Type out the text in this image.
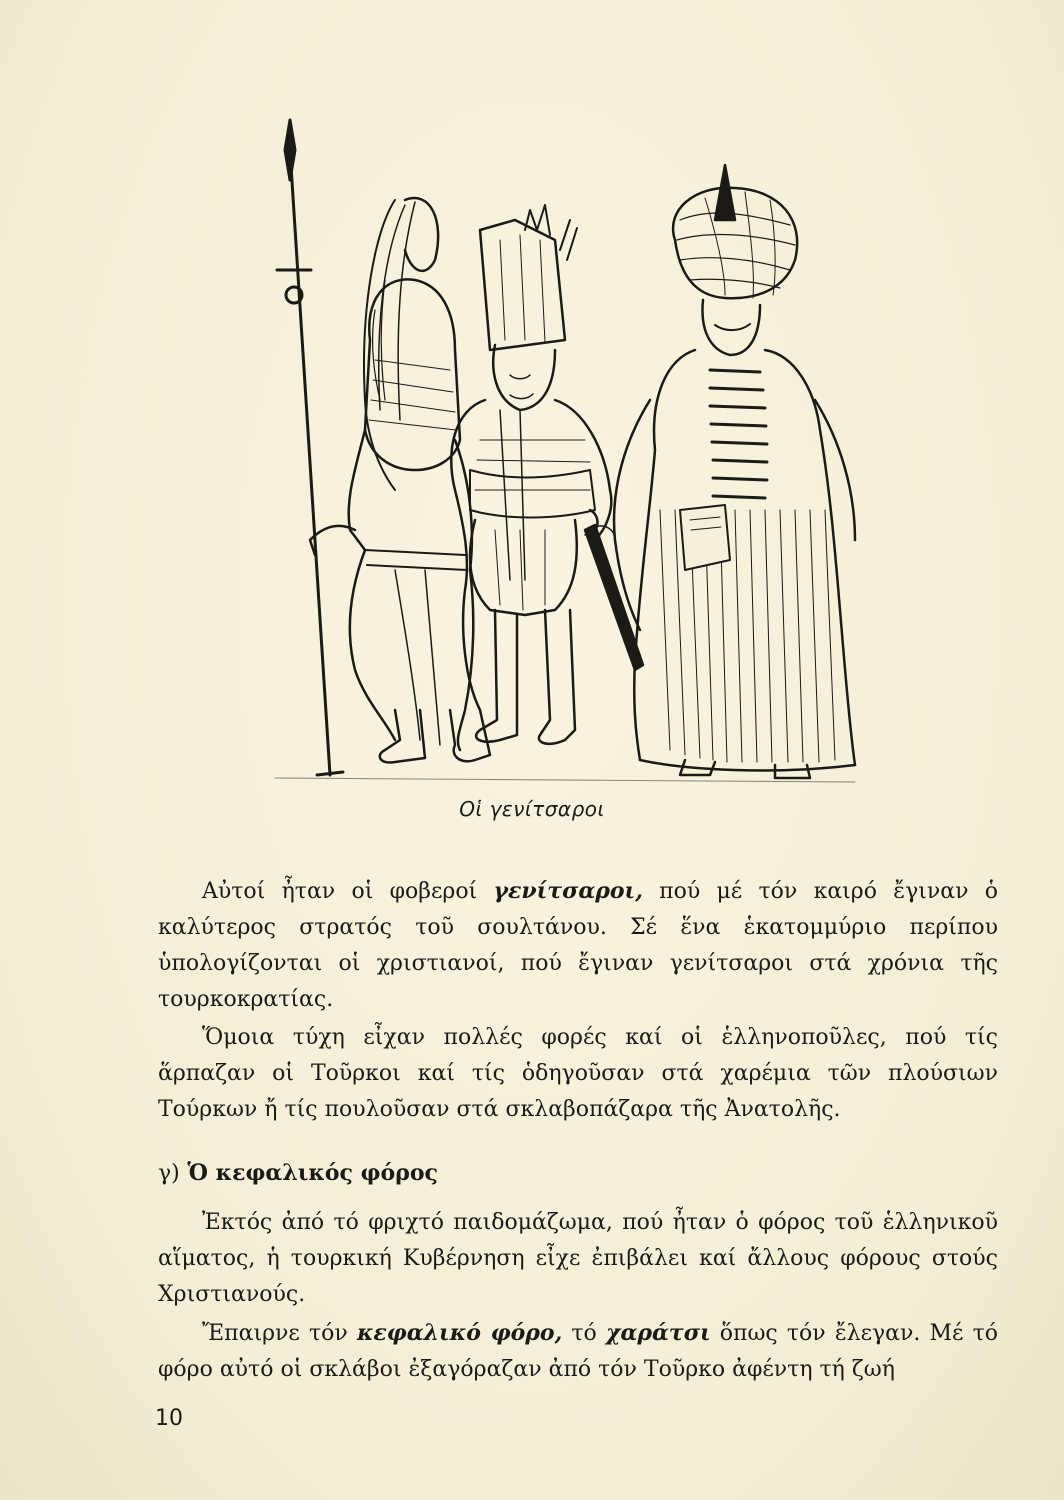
Οἱ γενίτσαροι

Αὐτοί ἦταν οἱ φοβεροί γενίτσαροι, πού μέ τόν καιρό ἔγιναν ὁ καλύτερος στρατός τοῦ σουλτάνου. Σέ ἕνα ἑκατομμύριο περίπου ὑπολογίζονται οἱ χριστιανοί, πού ἔγιναν γενίτσαροι στά χρόνια τῆς τουρκοκρατίας.

Ὅμοια τύχη εἶχαν πολλές φορές καί οἱ ἑλληνοποῦλες, πού τίς ἅρπαζαν οἱ Τοῦρκοι καί τίς ὁδηγοῦσαν στά χαρέμια τῶν πλούσιων Τούρκων ἤ τίς πουλοῦσαν στά σκλαβοπάζαρα τῆς Ἀνατολῆς.

γ) Ὁ κεφαλικός φόρος

Ἐκτός ἀπό τό φριχτό παιδομάζωμα, πού ἦταν ὁ φόρος τοῦ ἑλληνικοῦ αἵματος, ἡ τουρκική Κυβέρνηση εἶχε ἐπιβάλει καί ἄλλους φόρους στούς Χριστιανούς.

Ἔπαιρνε τόν κεφαλικό φόρο, τό χαράτσι ὅπως τόν ἔλεγαν. Μέ τό φόρο αὐτό οἱ σκλάβοι ἐξαγόραζαν ἀπό τόν Τοῦρκο ἀφέντη τή ζωή

10
